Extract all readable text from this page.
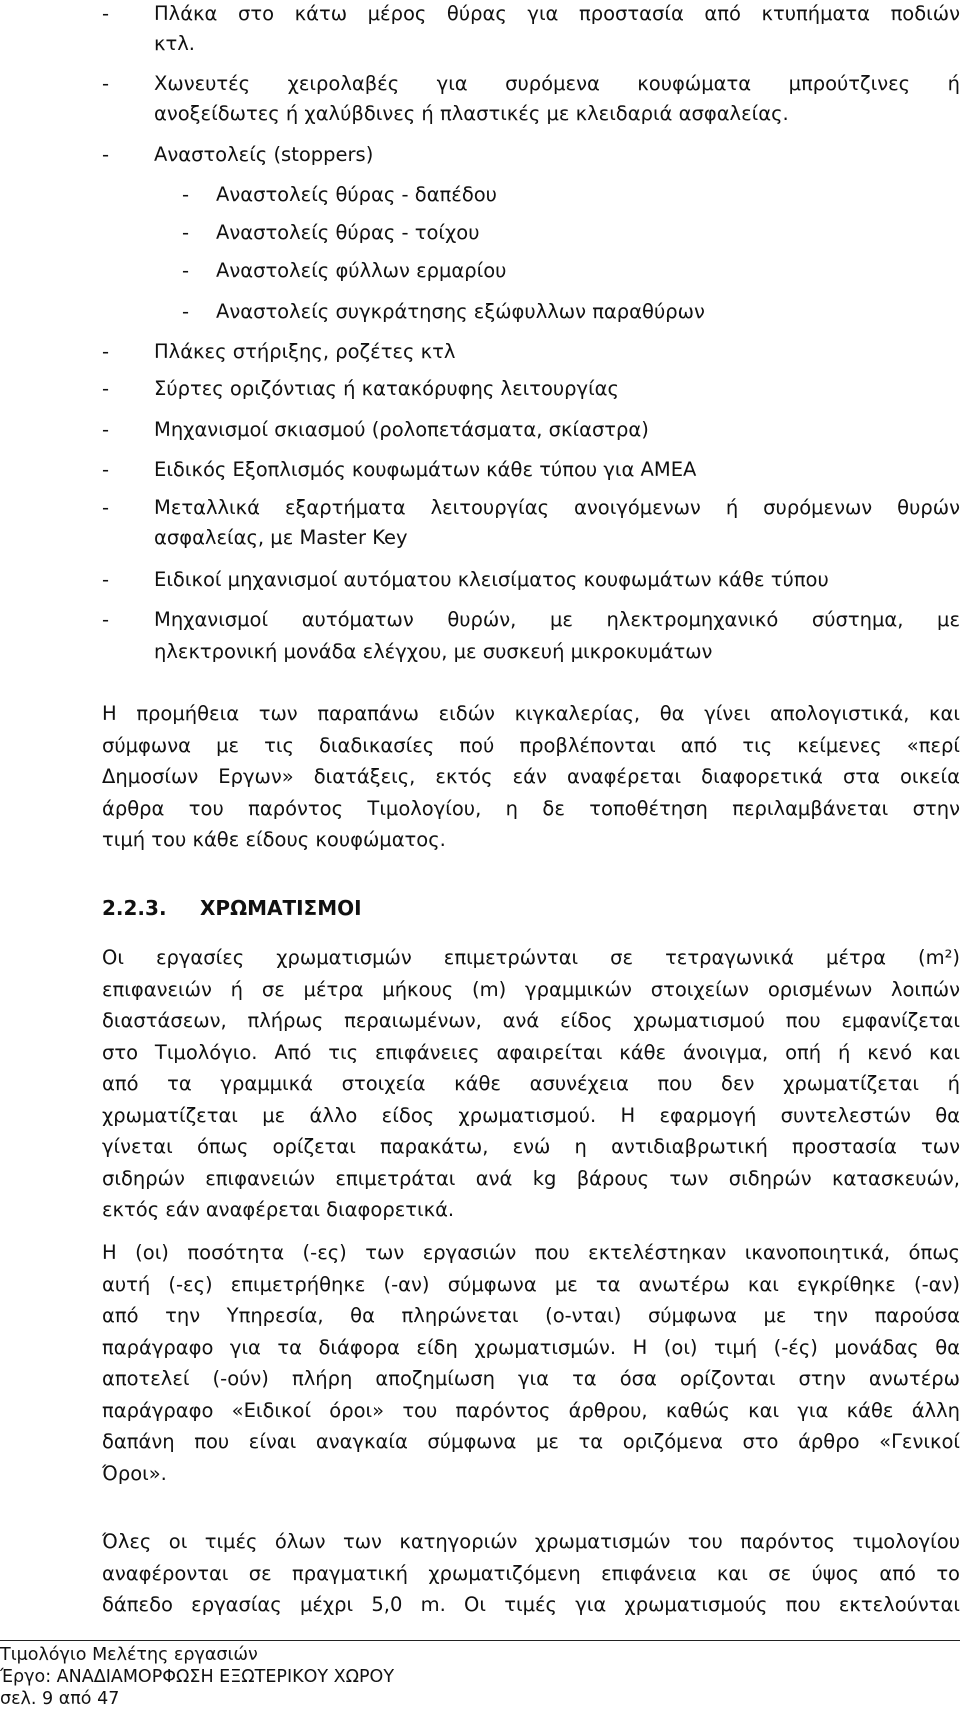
- Πλάκα στο κάτω μέρος θύρας για προστασία από κτυπήματα ποδιών
κτλ.
- Χωνευτές χειρολαβές για συρόμενα κουφώματα μπρούτζινες ή
ανοξείδωτες ή χαλύβδινες ή πλαστικές με κλειδαριά ασφαλείας.
- Αναστολείς (stoppers)
- Αναστολείς θύρας - δαπέδου
- Αναστολείς θύρας - τοίχου
- Αναστολείς φύλλων ερμαρίου
- Αναστολείς συγκράτησης εξώφυλλων παραθύρων
- Πλάκες στήριξης, ροζέτες κτλ
- Σύρτες οριζόντιας ή κατακόρυφης λειτουργίας
- Μηχανισμοί σκιασμού (ρολοπετάσματα, σκίαστρα)
- Ειδικός Εξοπλισμός κουφωμάτων κάθε τύπου για ΑΜΕΑ
- Μεταλλικά εξαρτήματα λειτουργίας ανοιγόμενων ή συρόμενων θυρών
ασφαλείας, με Master Key
- Ειδικοί μηχανισμοί αυτόματου κλεισίματος κουφωμάτων κάθε τύπου
- Μηχανισμοί αυτόματων θυρών, με ηλεκτρομηχανικό σύστημα, με
ηλεκτρονική μονάδα ελέγχου, με συσκευή μικροκυμάτων
Η προμήθεια των παραπάνω ειδών κιγκαλερίας, θα γίνει απολογιστικά, και
σύμφωνα με τις διαδικασίες πού προβλέπονται από τις κείμενες «περί
Δημοσίων Εργων» διατάξεις, εκτός εάν αναφέρεται διαφορετικά στα οικεία
άρθρα του παρόντος Τιμολογίου, η δε τοποθέτηση περιλαμβάνεται στην
τιμή του κάθε είδους κουφώματος.
2.2.3. ΧΡΩΜΑΤΙΣΜΟΙ
Οι εργασίες χρωματισμών επιμετρώνται σε τετραγωνικά μέτρα (m²)
επιφανειών ή σε μέτρα μήκους (m) γραμμικών στοιχείων ορισμένων λοιπών
διαστάσεων, πλήρως περαιωμένων, ανά είδος χρωματισμού που εμφανίζεται
στο Τιμολόγιο. Από τις επιφάνειες αφαιρείται κάθε άνοιγμα, οπή ή κενό και
από τα γραμμικά στοιχεία κάθε ασυνέχεια που δεν χρωματίζεται ή
χρωματίζεται με άλλο είδος χρωματισμού. Η εφαρμογή συντελεστών θα
γίνεται όπως ορίζεται παρακάτω, ενώ η αντιδιαβρωτική προστασία των
σιδηρών επιφανειών επιμετράται ανά kg βάρους των σιδηρών κατασκευών,
εκτός εάν αναφέρεται διαφορετικά.
Η (οι) ποσότητα (-ες) των εργασιών που εκτελέστηκαν ικανοποιητικά, όπως
αυτή (-ες) επιμετρήθηκε (-αν) σύμφωνα με τα ανωτέρω και εγκρίθηκε (-αν)
από την Υπηρεσία, θα πληρώνεται (ο-νται) σύμφωνα με την παρούσα
παράγραφο για τα διάφορα είδη χρωματισμών. Η (οι) τιμή (-ές) μονάδας θα
αποτελεί (-ούν) πλήρη αποζημίωση για τα όσα ορίζονται στην ανωτέρω
παράγραφο «Ειδικοί όροι» του παρόντος άρθρου, καθώς και για κάθε άλλη
δαπάνη που είναι αναγκαία σύμφωνα με τα οριζόμενα στο άρθρο «Γενικοί
Όροι».
Όλες οι τιμές όλων των κατηγοριών χρωματισμών του παρόντος τιμολογίου
αναφέρονται σε πραγματική χρωματιζόμενη επιφάνεια και σε ύψος από το
δάπεδο εργασίας μέχρι 5,0 m. Οι τιμές για χρωματισμούς που εκτελούνται
Τιμολόγιο Μελέτης εργασιών
Έργο: ΑΝΑΔΙΑΜΟΡΦΩΣΗ ΕΞΩΤΕΡΙΚΟΥ ΧΩΡΟΥ
σελ. 9 από 47
